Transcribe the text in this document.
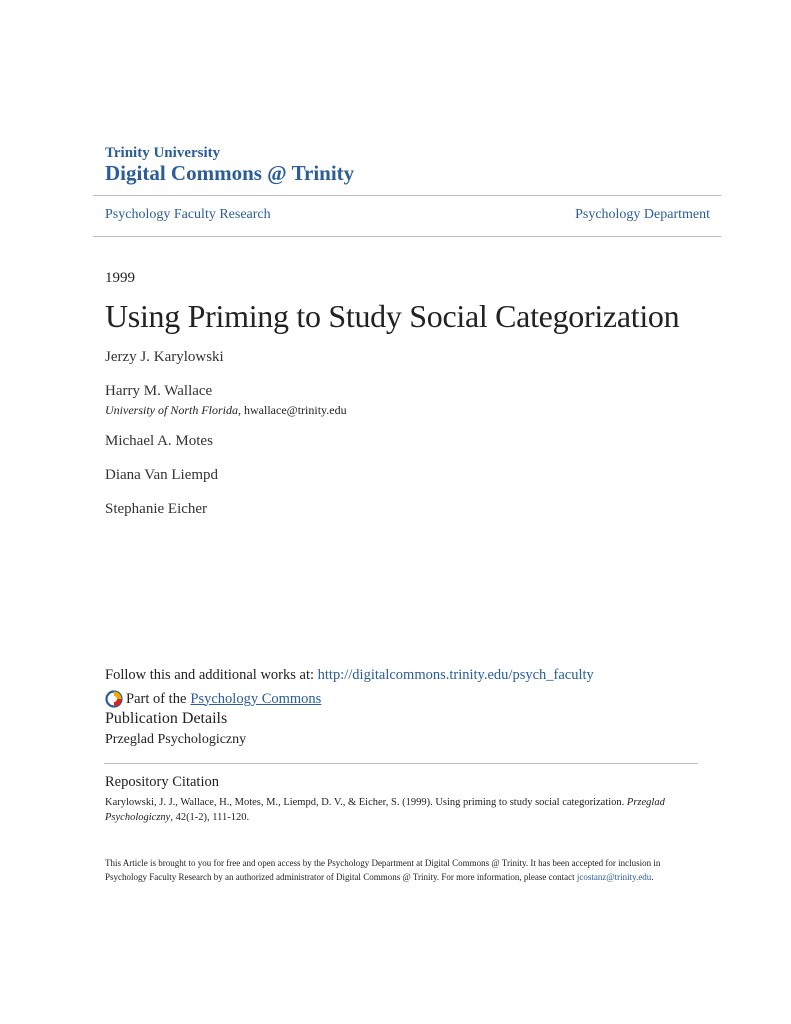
Trinity University
Digital Commons @ Trinity
Psychology Faculty Research	Psychology Department
1999
Using Priming to Study Social Categorization
Jerzy J. Karylowski
Harry M. Wallace
University of North Florida, hwallace@trinity.edu
Michael A. Motes
Diana Van Liempd
Stephanie Eicher
Follow this and additional works at: http://digitalcommons.trinity.edu/psych_faculty
Part of the Psychology Commons
Publication Details
Przeglad Psychologiczny
Repository Citation
Karylowski, J. J., Wallace, H., Motes, M., Liempd, D. V., & Eicher, S. (1999). Using priming to study social categorization. Przeglad Psychologiczny, 42(1-2), 111-120.
This Article is brought to you for free and open access by the Psychology Department at Digital Commons @ Trinity. It has been accepted for inclusion in Psychology Faculty Research by an authorized administrator of Digital Commons @ Trinity. For more information, please contact jcostanz@trinity.edu.
